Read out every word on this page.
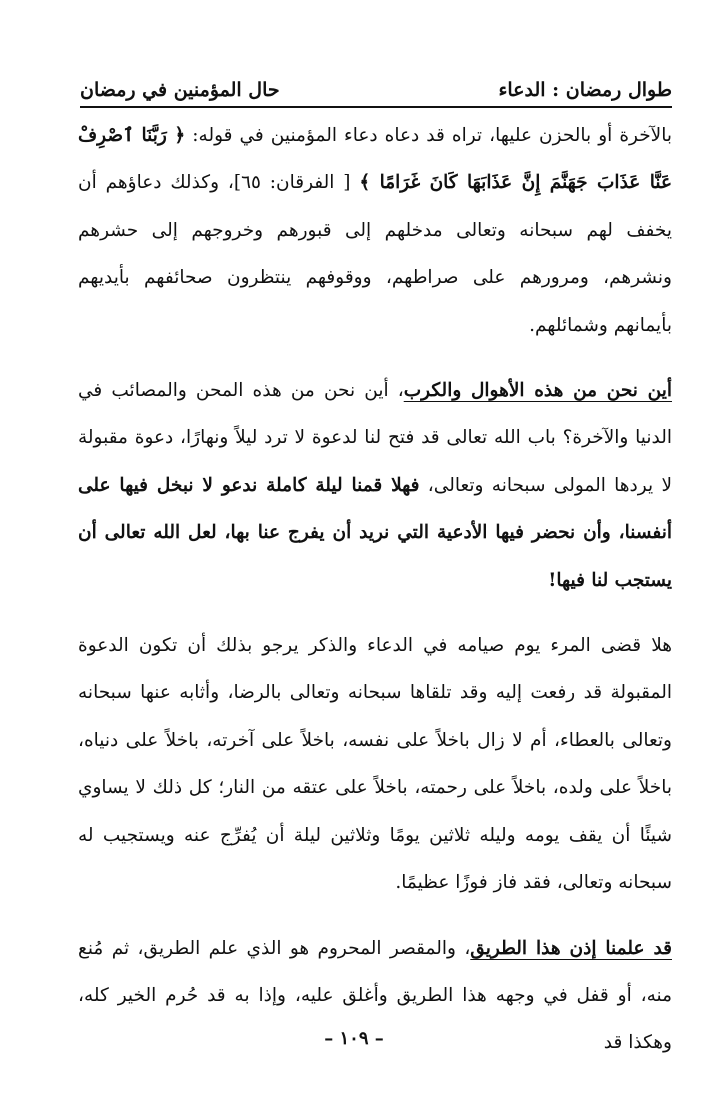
طوال رمضان : الدعاء
حال المؤمنين في رمضان

بالآخرة أو بالحزن عليها، تراه قد دعاه دعاء المؤمنين في قوله: ﴿ رَبَّنَا ٱصْرِفْ عَنَّا عَذَابَ جَهَنَّمَ إِنَّ عَذَابَهَا كَانَ غَرَامًا ﴾ [ الفرقان: ٦٥]، وكذلك دعاؤهم أن يخفف لهم سبحانه وتعالى مدخلهم إلى قبورهم وخروجهم إلى حشرهم ونشرهم، ومرورهم على صراطهم، ووقوفهم ينتظرون صحائفهم بأيديهم بأيمانهم وشمائلهم.

أين نحن من هذه الأهوال والكرب، أين نحن من هذه المحن والمصائب في الدنيا والآخرة؟ باب الله تعالى قد فتح لنا لدعوة لا ترد ليلاً ونهارًا، دعوة مقبولة لا يردها المولى سبحانه وتعالى، فهلا قمنا ليلة كاملة ندعو لا نبخل فيها على أنفسنا، وأن نحضر فيها الأدعية التي نريد أن يفرج عنا بها، لعل الله تعالى أن يستجب لنا فيها!

هلا قضى المرء يوم صيامه في الدعاء والذكر يرجو بذلك أن تكون الدعوة المقبولة قد رفعت إليه وقد تلقاها سبحانه وتعالى بالرضا، وأثابه عنها سبحانه وتعالى بالعطاء، أم لا زال باخلاً على نفسه، باخلاً على آخرته، باخلاً على دنياه، باخلاً على ولده، باخلاً على رحمته، باخلاً على عتقه من النار؛ كل ذلك لا يساوي شيئًا أن يقف يومه وليله ثلاثين يومًا وثلاثين ليلة أن يُفرِّج عنه ويستجيب له سبحانه وتعالى، فقد فاز فوزًا عظيمًا.

قد علمنا إذن هذا الطريق، والمقصر المحروم هو الذي علم الطريق، ثم مُنع منه، أو قفل في وجهه هذا الطريق وأغلق عليه، وإذا به قد حُرم الخير كله، وهكذا قد

– ١٠٩ –
